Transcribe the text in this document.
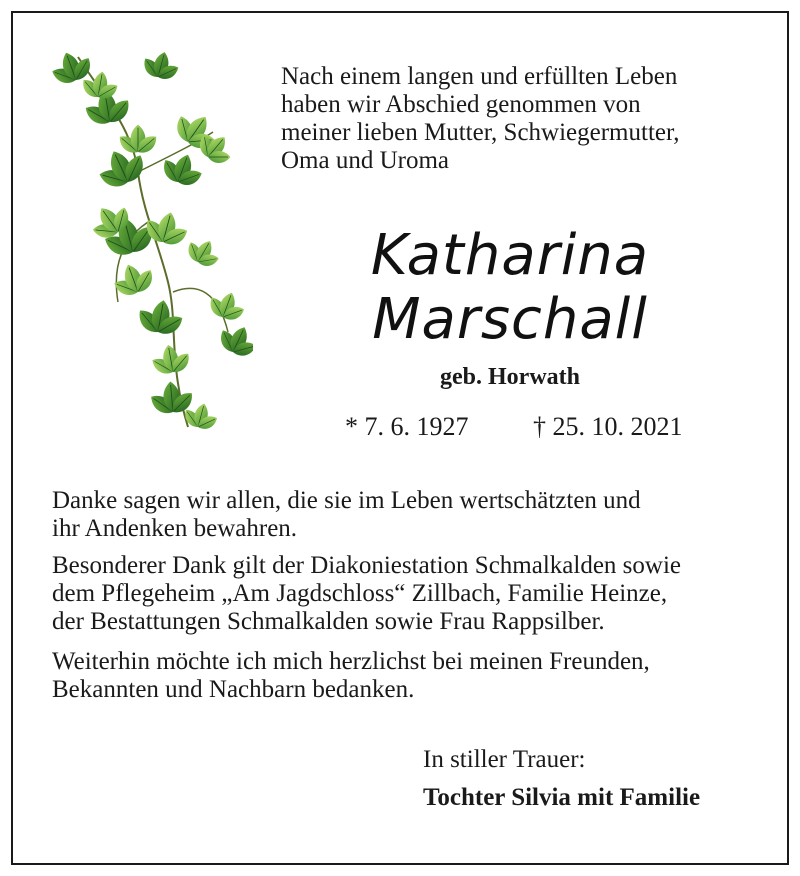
Nach einem langen und erfüllten Leben
haben wir Abschied genommen von
meiner lieben Mutter, Schwiegermutter,
Oma und Uroma

Katharina
Marschall

geb. Horwath

* 7. 6. 1927 † 25. 10. 2021

Danke sagen wir allen, die sie im Leben wertschätzten und
ihr Andenken bewahren.

Besonderer Dank gilt der Diakoniestation Schmalkalden sowie
dem Pflegeheim „Am Jagdschloss“ Zillbach, Familie Heinze,
der Bestattungen Schmalkalden sowie Frau Rappsilber.

Weiterhin möchte ich mich herzlichst bei meinen Freunden,
Bekannten und Nachbarn bedanken.

In stiller Trauer:

Tochter Silvia mit Familie
